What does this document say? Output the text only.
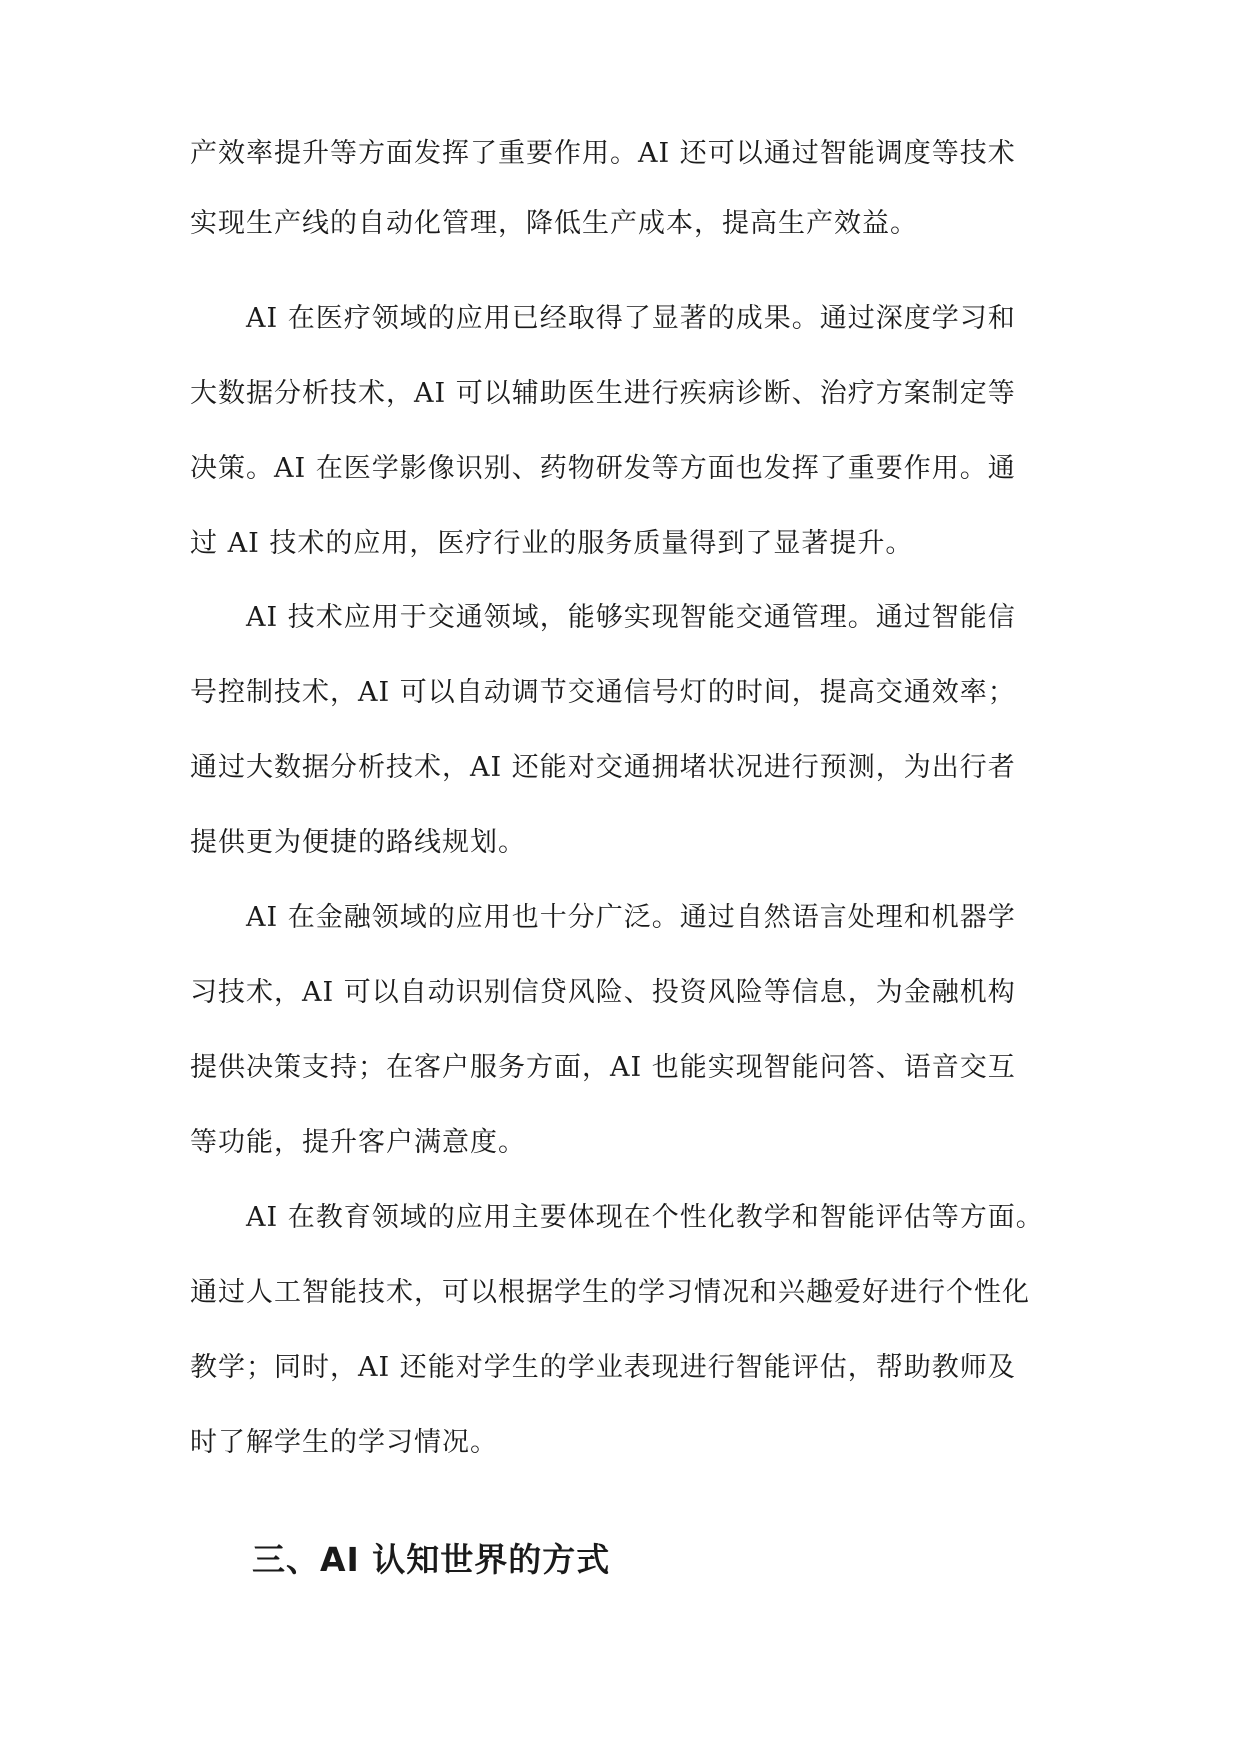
产效率提升等方面发挥了重要作用。AI 还可以通过智能调度等技术
实现生产线的自动化管理，降低生产成本，提高生产效益。
AI 在医疗领域的应用已经取得了显著的成果。通过深度学习和
大数据分析技术，AI 可以辅助医生进行疾病诊断、治疗方案制定等
决策。AI 在医学影像识别、药物研发等方面也发挥了重要作用。通
过 AI 技术的应用，医疗行业的服务质量得到了显著提升。
AI 技术应用于交通领域，能够实现智能交通管理。通过智能信
号控制技术，AI 可以自动调节交通信号灯的时间，提高交通效率；
通过大数据分析技术，AI 还能对交通拥堵状况进行预测，为出行者
提供更为便捷的路线规划。
AI 在金融领域的应用也十分广泛。通过自然语言处理和机器学
习技术，AI 可以自动识别信贷风险、投资风险等信息，为金融机构
提供决策支持；在客户服务方面，AI 也能实现智能问答、语音交互
等功能，提升客户满意度。
AI 在教育领域的应用主要体现在个性化教学和智能评估等方面。
通过人工智能技术，可以根据学生的学习情况和兴趣爱好进行个性化
教学；同时，AI 还能对学生的学业表现进行智能评估，帮助教师及
时了解学生的学习情况。
三、AI 认知世界的方式
